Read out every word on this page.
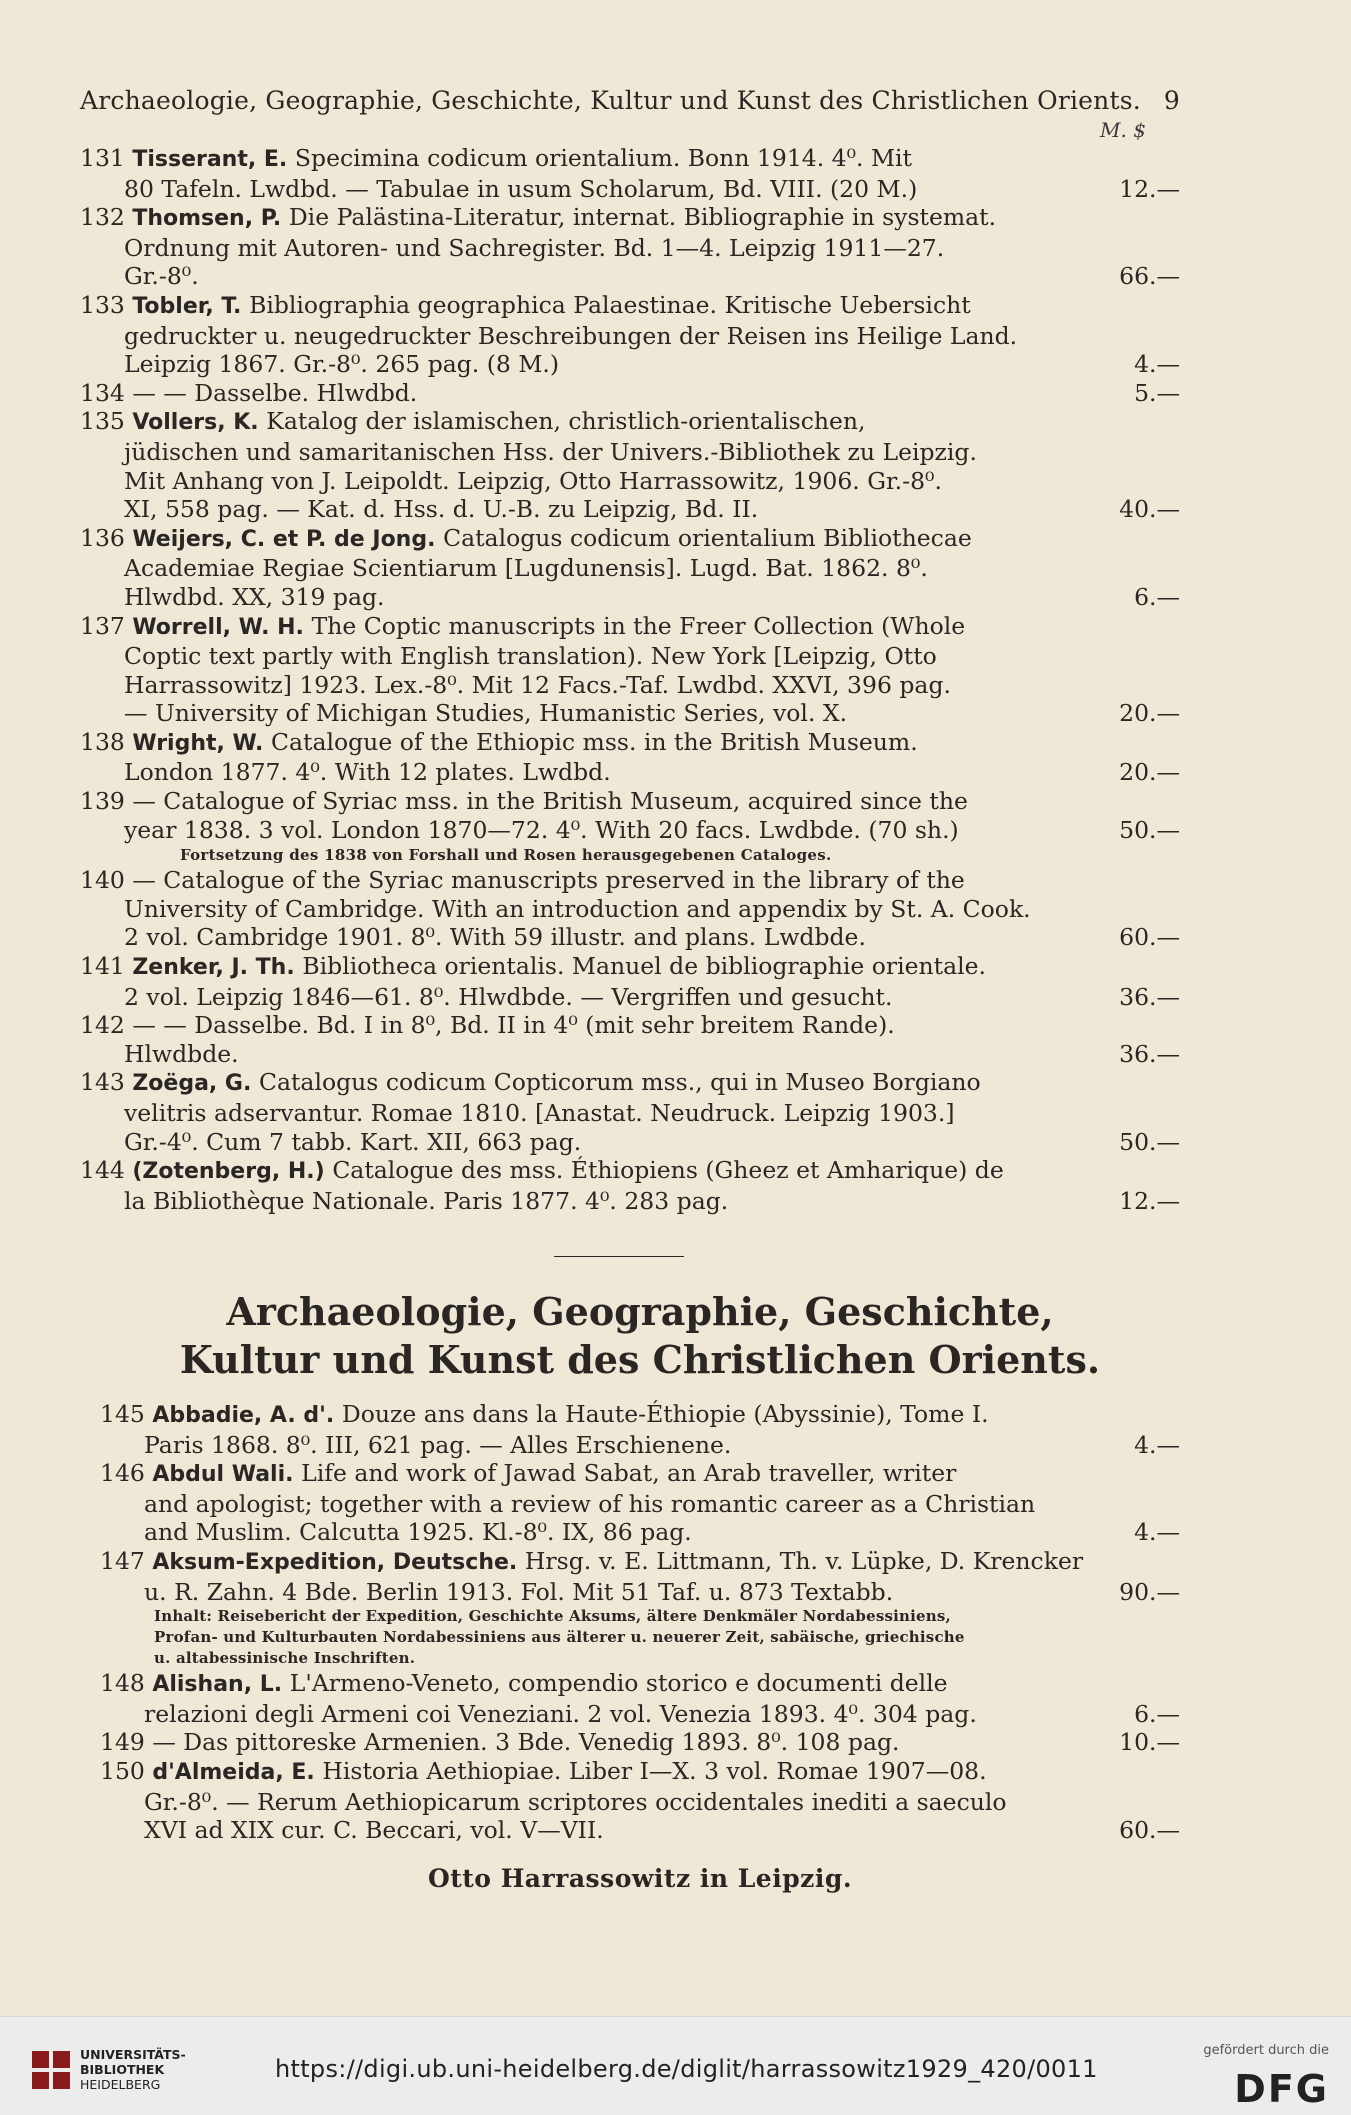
Archaeologie, Geographie, Geschichte, Kultur und Kunst des Christlichen Orients. 9
M. $
131 Tisserant, E. Specimina codicum orientalium. Bonn 1914. 4⁰. Mit
80 Tafeln. Lwdbd. — Tabulae in usum Scholarum, Bd. VIII. (20 M.)	12.—
132 Thomsen, P. Die Palästina-Literatur, internat. Bibliographie in systemat.
Ordnung mit Autoren- und Sachregister. Bd. 1—4. Leipzig 1911—27.
Gr.-8⁰.	66.—
133 Tobler, T. Bibliographia geographica Palaestinae. Kritische Uebersicht
gedruckter u. neugedruckter Beschreibungen der Reisen ins Heilige Land.
Leipzig 1867. Gr.-8⁰. 265 pag. (8 M.)	4.—
134 — — Dasselbe. Hlwdbd.	5.—
135 Vollers, K. Katalog der islamischen, christlich-orientalischen,
jüdischen und samaritanischen Hss. der Univers.-Bibliothek zu Leipzig.
Mit Anhang von J. Leipoldt. Leipzig, Otto Harrassowitz, 1906. Gr.-8⁰.
XI, 558 pag. — Kat. d. Hss. d. U.-B. zu Leipzig, Bd. II.	40.—
136 Weijers, C. et P. de Jong. Catalogus codicum orientalium Bibliothecae
Academiae Regiae Scientiarum [Lugdunensis]. Lugd. Bat. 1862. 8⁰.
Hlwdbd. XX, 319 pag.	6.—
137 Worrell, W. H. The Coptic manuscripts in the Freer Collection (Whole
Coptic text partly with English translation). New York [Leipzig, Otto
Harrassowitz] 1923. Lex.-8⁰. Mit 12 Facs.-Taf. Lwdbd. XXVI, 396 pag.
— University of Michigan Studies, Humanistic Series, vol. X.	20.—
138 Wright, W. Catalogue of the Ethiopic mss. in the British Museum.
London 1877. 4⁰. With 12 plates. Lwdbd.	20.—
139 — Catalogue of Syriac mss. in the British Museum, acquired since the
year 1838. 3 vol. London 1870—72. 4⁰. With 20 facs. Lwdbde. (70 sh.)	50.—
Fortsetzung des 1838 von Forshall und Rosen herausgegebenen Cataloges.
140 — Catalogue of the Syriac manuscripts preserved in the library of the
University of Cambridge. With an introduction and appendix by St. A. Cook.
2 vol. Cambridge 1901. 8⁰. With 59 illustr. and plans. Lwdbde.	60.—
141 Zenker, J. Th. Bibliotheca orientalis. Manuel de bibliographie orientale.
2 vol. Leipzig 1846—61. 8⁰. Hlwdbde. — Vergriffen und gesucht.	36.—
142 — — Dasselbe. Bd. I in 8⁰, Bd. II in 4⁰ (mit sehr breitem Rande).
Hlwdbde.	36.—
143 Zoëga, G. Catalogus codicum Copticorum mss., qui in Museo Borgiano
velitris adservantur. Romae 1810. [Anastat. Neudruck. Leipzig 1903.]
Gr.-4⁰. Cum 7 tabb. Kart. XII, 663 pag.	50.—
144 (Zotenberg, H.) Catalogue des mss. Éthiopiens (Gheez et Amharique) de
la Bibliothèque Nationale. Paris 1877. 4⁰. 283 pag.	12.—
Archaeologie, Geographie, Geschichte,
Kultur und Kunst des Christlichen Orients.
145 Abbadie, A. d'. Douze ans dans la Haute-Éthiopie (Abyssinie), Tome I.
Paris 1868. 8⁰. III, 621 pag. — Alles Erschienene.	4.—
146 Abdul Wali. Life and work of Jawad Sabat, an Arab traveller, writer
and apologist; together with a review of his romantic career as a Christian
and Muslim. Calcutta 1925. Kl.-8⁰. IX, 86 pag.	4.—
147 Aksum-Expedition, Deutsche. Hrsg. v. E. Littmann, Th. v. Lüpke, D. Krencker
u. R. Zahn. 4 Bde. Berlin 1913. Fol. Mit 51 Taf. u. 873 Textabb.	90.—
Inhalt: Reisebericht der Expedition, Geschichte Aksums, ältere Denkmäler Nordabessiniens,
Profan- und Kulturbauten Nordabessiniens aus älterer u. neuerer Zeit, sabäische, griechische
u. altabessinische Inschriften.
148 Alishan, L. L'Armeno-Veneto, compendio storico e documenti delle
relazioni degli Armeni coi Veneziani. 2 vol. Venezia 1893. 4⁰. 304 pag.	6.—
149 — Das pittoreske Armenien. 3 Bde. Venedig 1893. 8⁰. 108 pag.	10.—
150 d'Almeida, E. Historia Aethiopiae. Liber I—X. 3 vol. Romae 1907—08.
Gr.-8⁰. — Rerum Aethiopicarum scriptores occidentales inediti a saeculo
XVI ad XIX cur. C. Beccari, vol. V—VII.	60.—
Otto Harrassowitz in Leipzig.
UNIVERSITÄTS-
BIBLIOTHEK
HEIDELBERG
https://digi.ub.uni-heidelberg.de/diglit/harrassowitz1929_420/0011
gefördert durch die
DFG
